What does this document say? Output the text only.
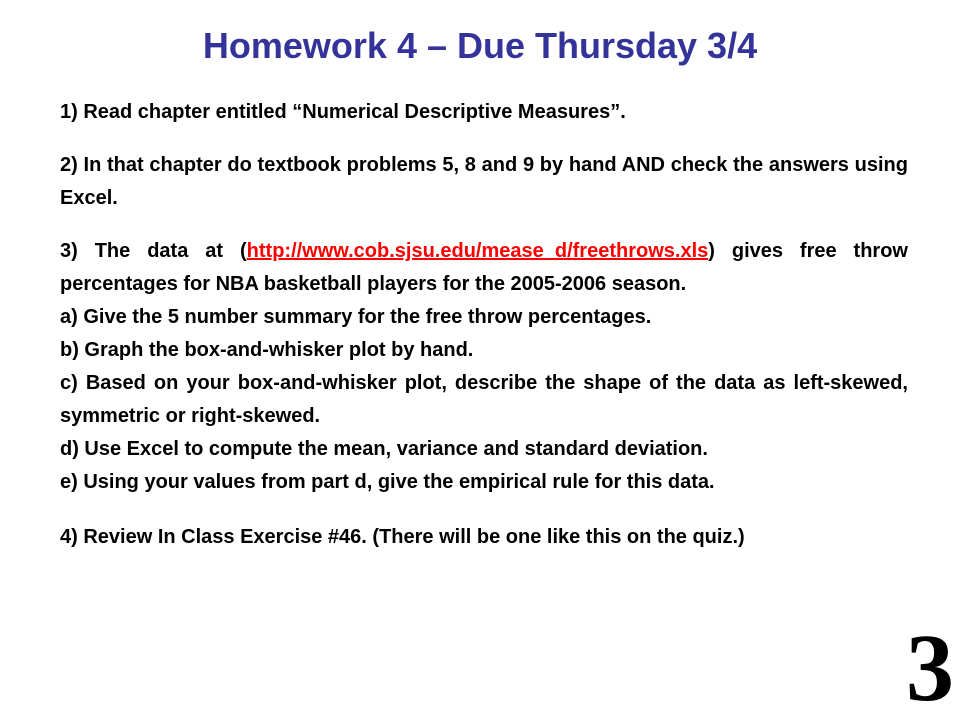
Homework 4 – Due Thursday 3/4

1) Read chapter entitled “Numerical Descriptive Measures”.

2) In that chapter do textbook problems 5, 8 and 9 by hand AND check the answers using Excel.

3) The data at (http://www.cob.sjsu.edu/mease_d/freethrows.xls) gives free throw percentages for NBA basketball players for the 2005-2006 season.

a) Give the 5 number summary for the free throw percentages.

b) Graph the box-and-whisker plot by hand.

c) Based on your box-and-whisker plot, describe the shape of the data as left-skewed, symmetric or right-skewed.

d) Use Excel to compute the mean, variance and standard deviation.

e) Using your values from part d, give the empirical rule for this data.

4) Review In Class Exercise #46. (There will be one like this on the quiz.)

3
